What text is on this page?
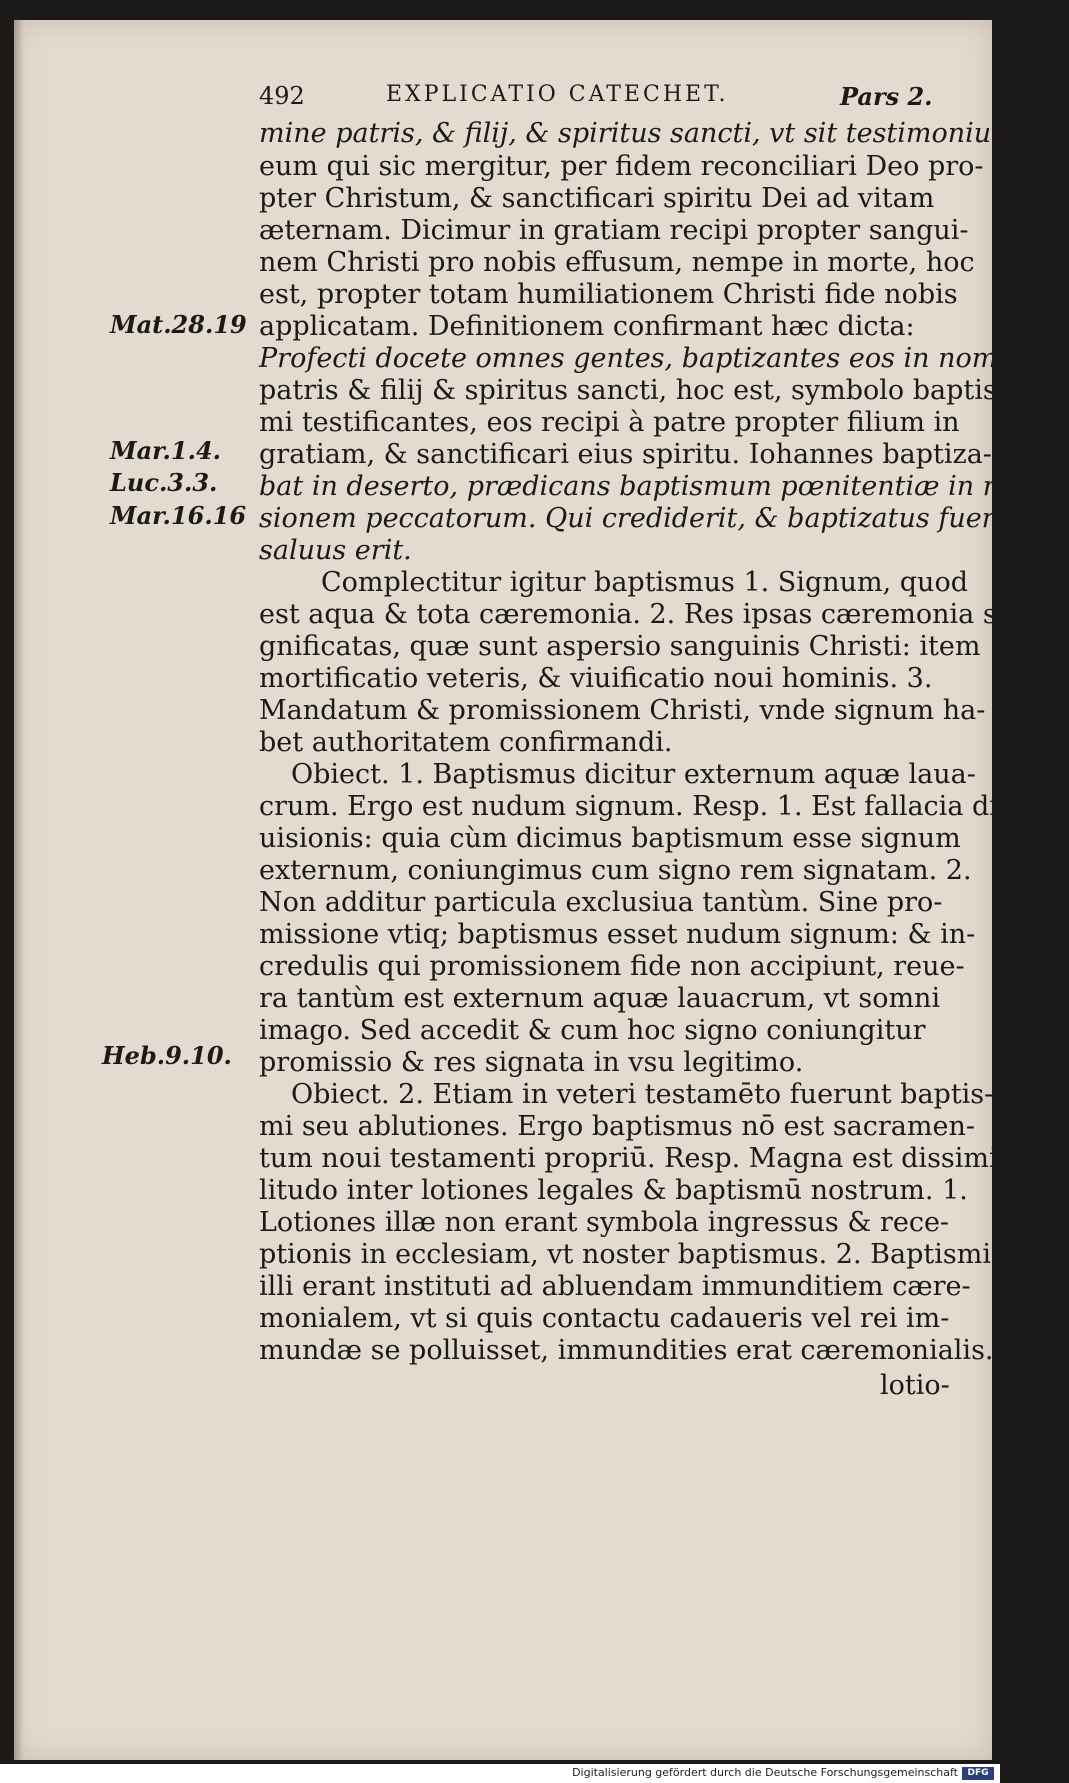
492	EXPLICATIO CATECHET.	Pars 2.
Mat.28.19
Mar.1.4.
Luc.3.3.
Mar.16.16
Heb.9.10.
mine patris, & filij, & spiritus sancti, vt sit testimonium,
eum qui sic mergitur, per fidem reconciliari Deo pro-
pter Christum, & sanctificari spiritu Dei ad vitam
æternam. Dicimur in gratiam recipi propter sangui-
nem Christi pro nobis effusum, nempe in morte, hoc
est, propter totam humiliationem Christi fide nobis
applicatam. Definitionem confirmant hæc dicta:
Profecti docete omnes gentes, baptizantes eos in nomine
patris & filij & spiritus sancti, hoc est, symbolo baptis-
mi testificantes, eos recipi à patre propter filium in
gratiam, & sanctificari eius spiritu. Iohannes baptiza-
bat in deserto, prædicans baptismum pœnitentiæ in remis-
sionem peccatorum. Qui crediderit, & baptizatus fuerit,
saluus erit.
Complectitur igitur baptismus 1. Signum, quod
est aqua & tota cæremonia. 2. Res ipsas cæremonia si-
gnificatas, quæ sunt aspersio sanguinis Christi: item
mortificatio veteris, & viuificatio noui hominis. 3.
Mandatum & promissionem Christi, vnde signum ha-
bet authoritatem confirmandi.
Obiect. 1. Baptismus dicitur externum aquæ laua-
crum. Ergo est nudum signum. Resp. 1. Est fallacia di-
uisionis: quia cùm dicimus baptismum esse signum
externum, coniungimus cum signo rem signatam. 2.
Non additur particula exclusiua tantùm. Sine pro-
missione vtiq; baptismus esset nudum signum: & in-
credulis qui promissionem fide non accipiunt, reue-
ra tantùm est externum aquæ lauacrum, vt somni
imago. Sed accedit & cum hoc signo coniungitur
promissio & res signata in vsu legitimo.
Obiect. 2. Etiam in veteri testamēto fuerunt baptis-
mi seu ablutiones. Ergo baptismus nō est sacramen-
tum noui testamenti propriū. Resp. Magna est dissimi-
litudo inter lotiones legales & baptismū nostrum. 1.
Lotiones illæ non erant symbola ingressus & rece-
ptionis in ecclesiam, vt noster baptismus. 2. Baptismi
illi erant instituti ad abluendam immunditiem cære-
monialem, vt si quis contactu cadaueris vel rei im-
mundæ se polluisset, immundities erat cæremonialis.
lotio-
Digitalisierung gefördert durch die Deutsche Forschungsgemeinschaft	DFG
